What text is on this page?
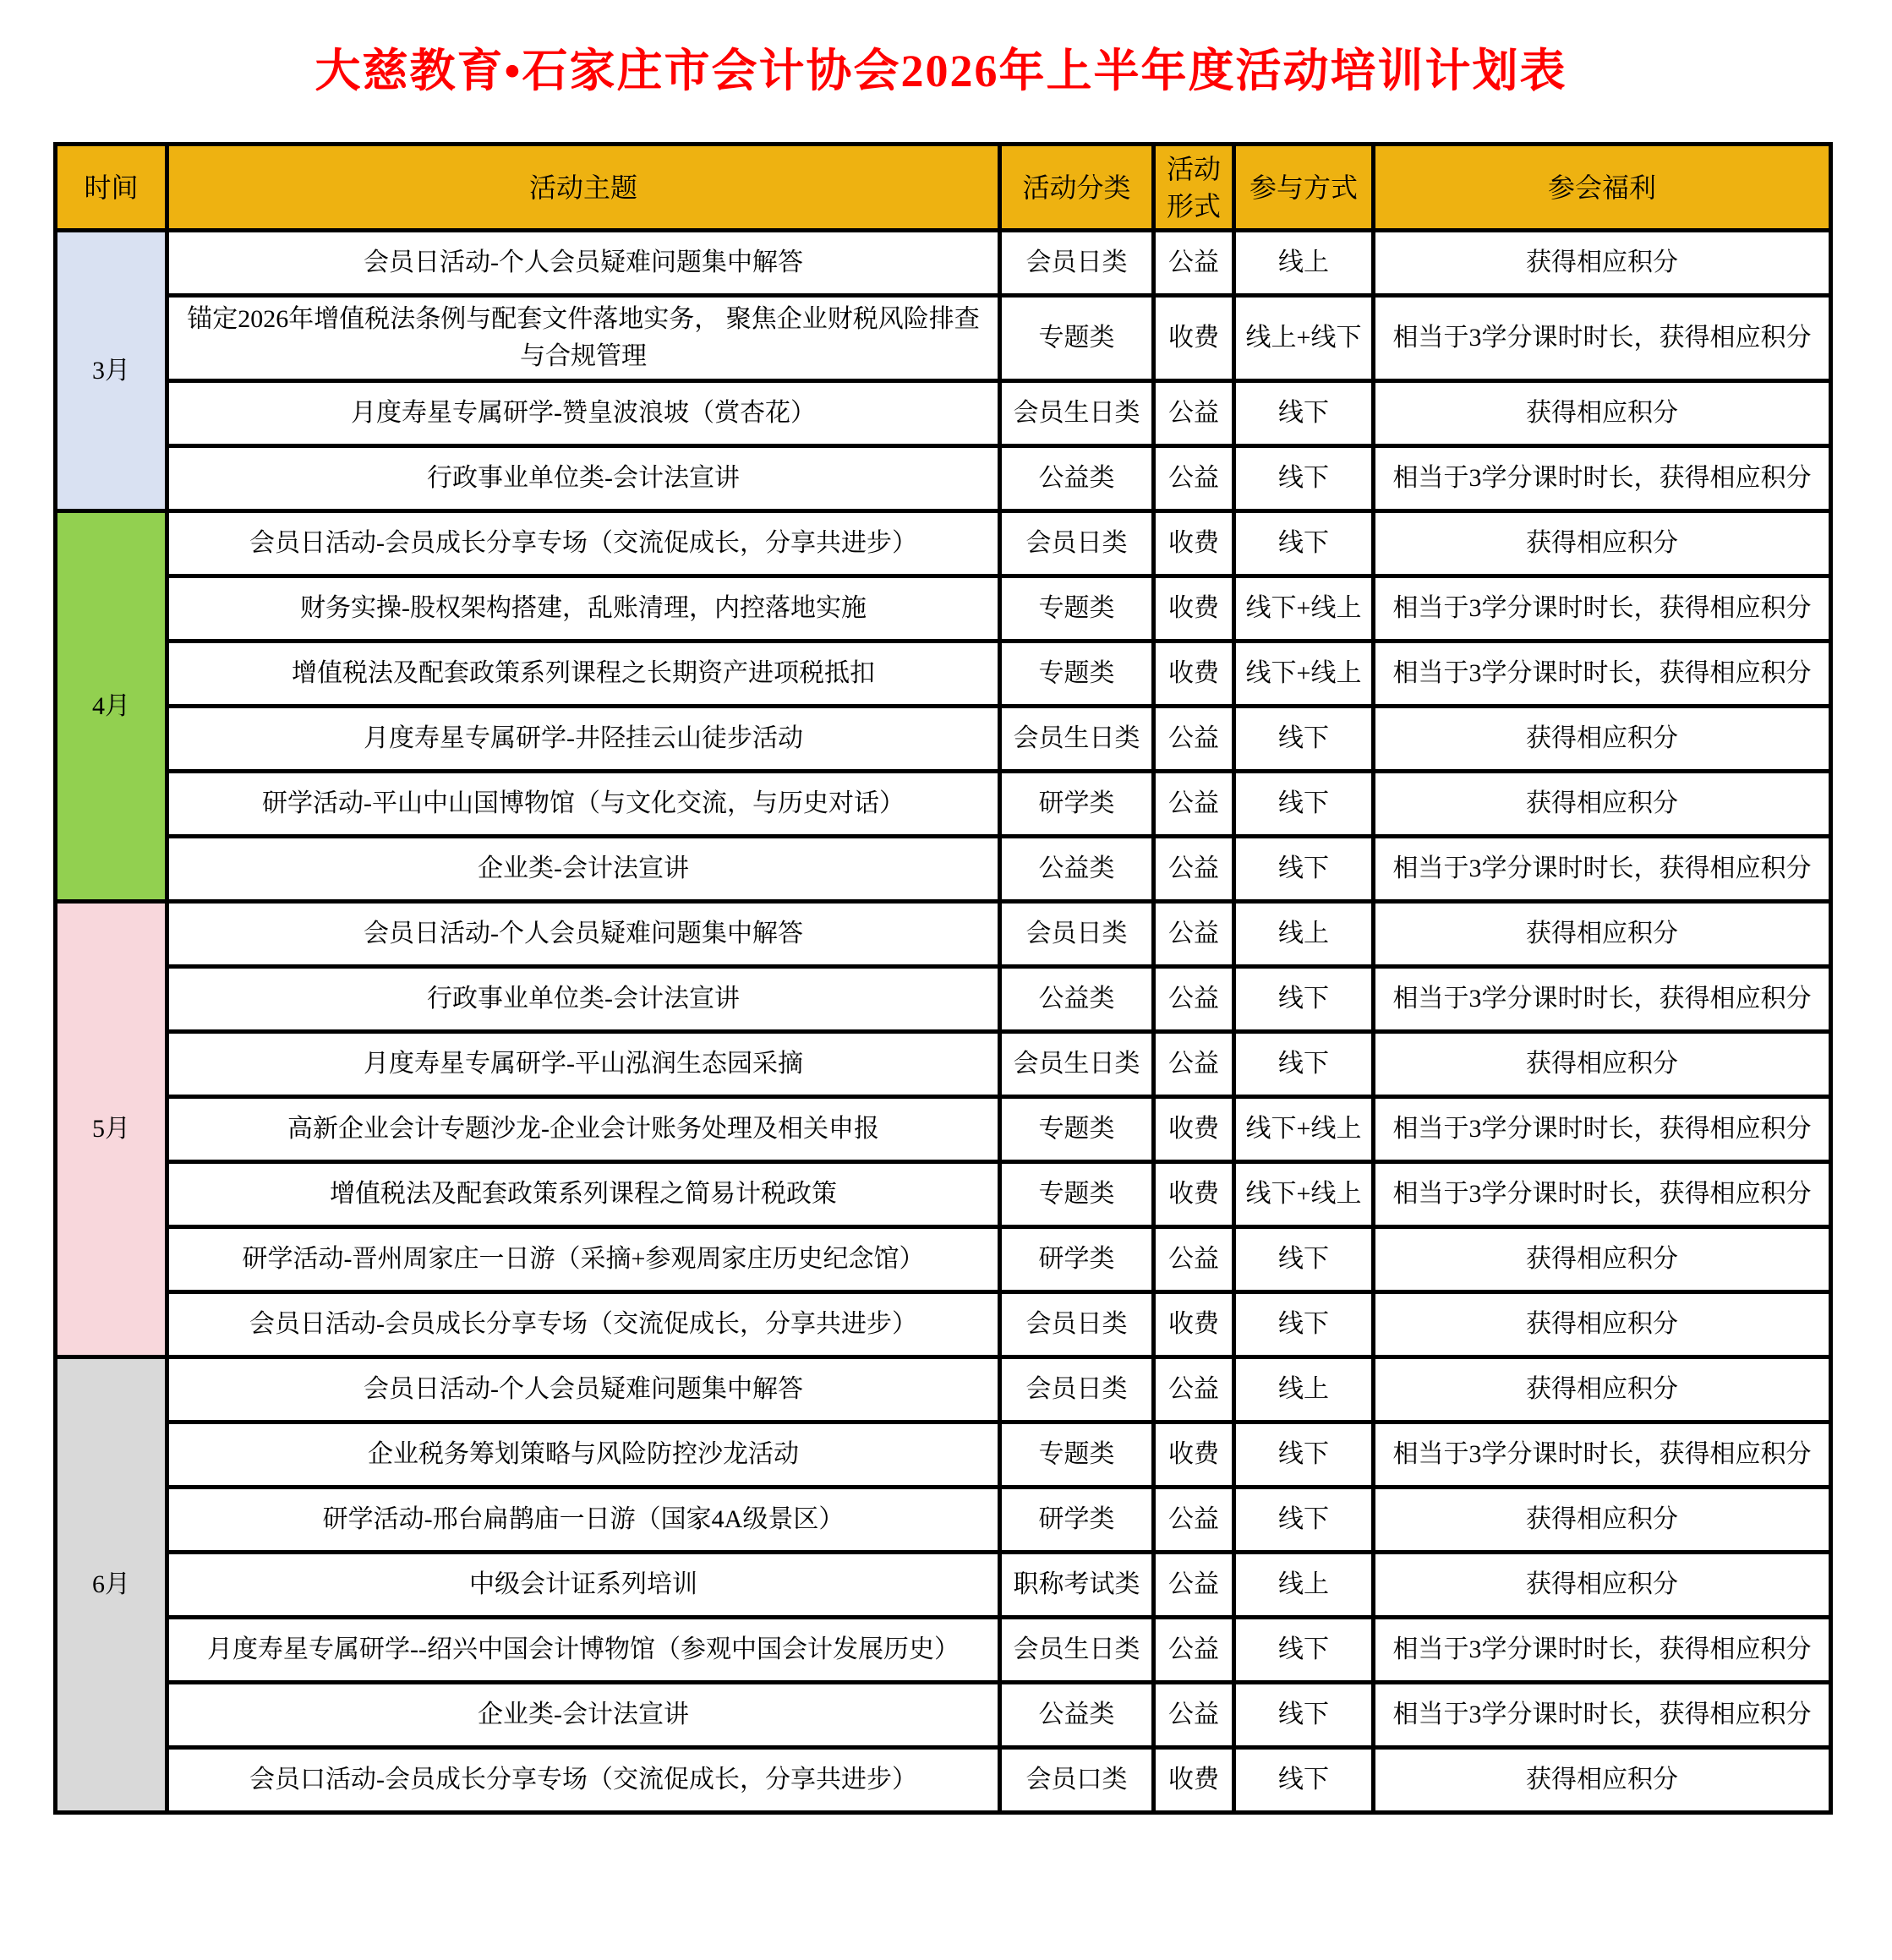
大慈教育•石家庄市会计协会2026年上半年度活动培训计划表
时间	活动主题	活动分类	活动形式	参与方式	参会福利
3月	会员日活动-个人会员疑难问题集中解答	会员日类	公益	线上	获得相应积分
	锚定2026年增值税法条例与配套文件落地实务， 聚焦企业财税风险排查与合规管理	专题类	收费	线上+线下	相当于3学分课时时长，获得相应积分
	月度寿星专属研学-赞皇波浪坡（赏杏花）	会员生日类	公益	线下	获得相应积分
	行政事业单位类-会计法宣讲	公益类	公益	线下	相当于3学分课时时长，获得相应积分
4月	会员日活动-会员成长分享专场（交流促成长，分享共进步）	会员日类	收费	线下	获得相应积分
	财务实操-股权架构搭建，乱账清理，内控落地实施	专题类	收费	线下+线上	相当于3学分课时时长，获得相应积分
	增值税法及配套政策系列课程之长期资产进项税抵扣	专题类	收费	线下+线上	相当于3学分课时时长，获得相应积分
	月度寿星专属研学-井陉挂云山徒步活动	会员生日类	公益	线下	获得相应积分
	研学活动-平山中山国博物馆（与文化交流，与历史对话）	研学类	公益	线下	获得相应积分
	企业类-会计法宣讲	公益类	公益	线下	相当于3学分课时时长，获得相应积分
5月	会员日活动-个人会员疑难问题集中解答	会员日类	公益	线上	获得相应积分
	行政事业单位类-会计法宣讲	公益类	公益	线下	相当于3学分课时时长，获得相应积分
	月度寿星专属研学-平山泓润生态园采摘	会员生日类	公益	线下	获得相应积分
	高新企业会计专题沙龙-企业会计账务处理及相关申报	专题类	收费	线下+线上	相当于3学分课时时长，获得相应积分
	增值税法及配套政策系列课程之简易计税政策	专题类	收费	线下+线上	相当于3学分课时时长，获得相应积分
	研学活动-晋州周家庄一日游（采摘+参观周家庄历史纪念馆）	研学类	公益	线下	获得相应积分
	会员日活动-会员成长分享专场（交流促成长，分享共进步）	会员日类	收费	线下	获得相应积分
6月	会员日活动-个人会员疑难问题集中解答	会员日类	公益	线上	获得相应积分
	企业税务筹划策略与风险防控沙龙活动	专题类	收费	线下	相当于3学分课时时长，获得相应积分
	研学活动-邢台扁鹊庙一日游（国家4A级景区）	研学类	公益	线下	获得相应积分
	中级会计证系列培训	职称考试类	公益	线上	获得相应积分
	月度寿星专属研学--绍兴中国会计博物馆（参观中国会计发展历史）	会员生日类	公益	线下	相当于3学分课时时长，获得相应积分
	企业类-会计法宣讲	公益类	公益	线下	相当于3学分课时时长，获得相应积分
	会员口活动-会员成长分享专场（交流促成长，分享共进步）	会员口类	收费	线下	获得相应积分
